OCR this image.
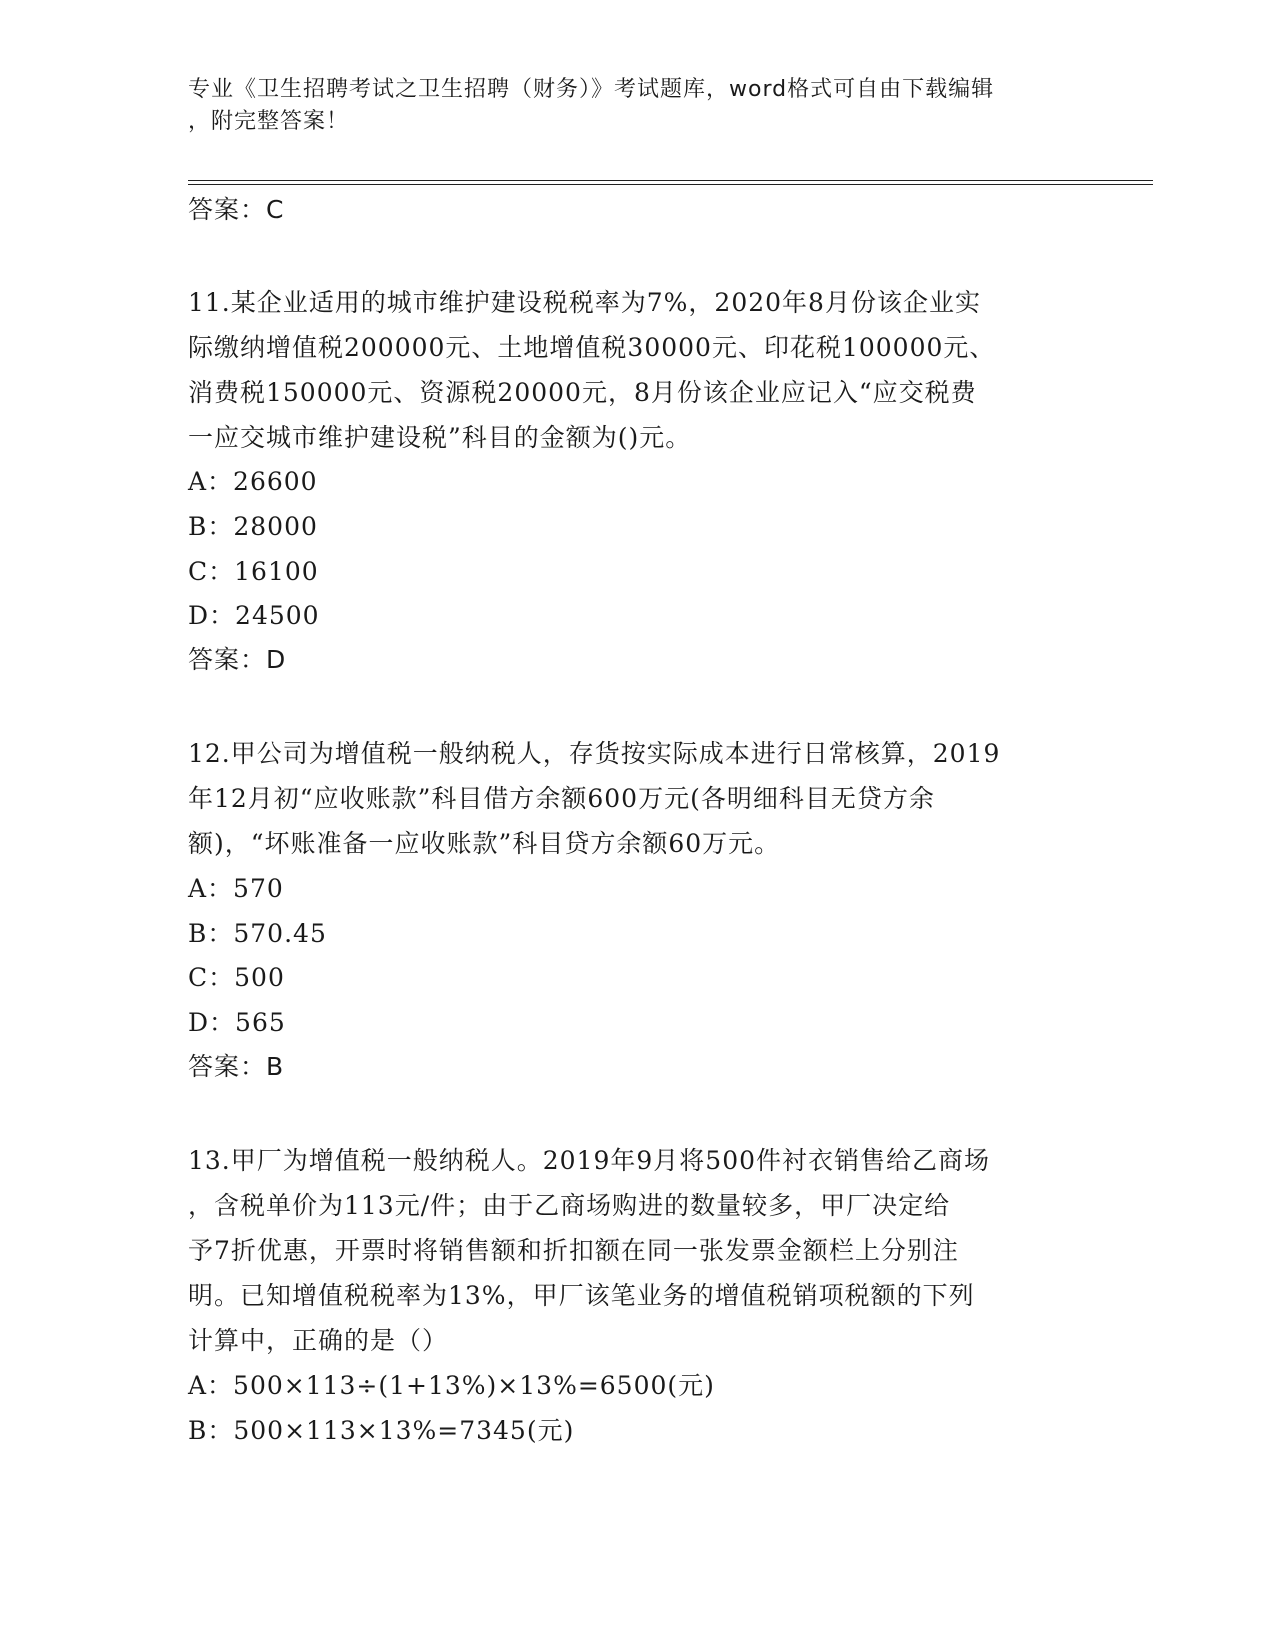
专业《卫生招聘考试之卫生招聘（财务）》考试题库，word格式可自由下载编辑
，附完整答案！
答案：C
11.某企业适用的城市维护建设税税率为7%，2020年8月份该企业实
际缴纳增值税200000元、土地增值税30000元、印花税100000元、
消费税150000元、资源税20000元，8月份该企业应记入“应交税费
一应交城市维护建设税”科目的金额为()元。
A：26600
B：28000
C：16100
D：24500
答案：D
12.甲公司为增值税一般纳税人，存货按实际成本进行日常核算，2019
年12月初“应收账款”科目借方余额600万元(各明细科目无贷方余
额)，“坏账准备一应收账款”科目贷方余额60万元。
A：570
B：570.45
C：500
D：565
答案：B
13.甲厂为增值税一般纳税人。2019年9月将500件衬衣销售给乙商场
，含税单价为113元/件；由于乙商场购进的数量较多，甲厂决定给
予7折优惠，开票时将销售额和折扣额在同一张发票金额栏上分别注
明。已知增值税税率为13%，甲厂该笔业务的增值税销项税额的下列
计算中，正确的是（）
A：500×113÷(1+13%)×13%=6500(元)
B：500×113×13%=7345(元)
